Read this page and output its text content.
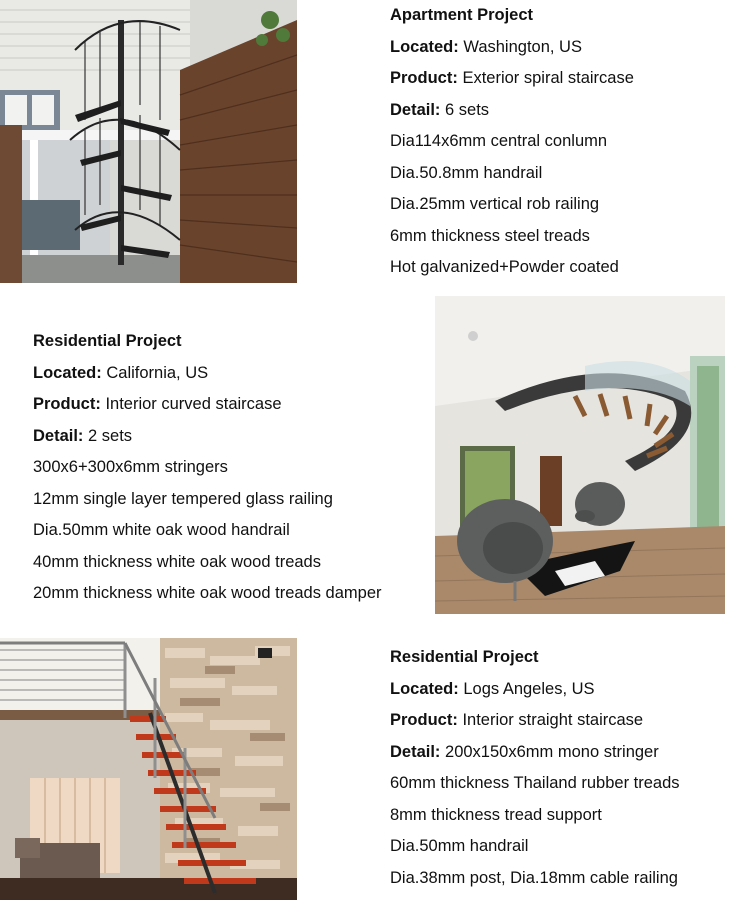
Apartment Project
Located: Washington, US
Product: Exterior spiral staircase
Detail: 6 sets
Dia114x6mm central conlumn
Dia.50.8mm handrail
Dia.25mm vertical rob railing
6mm thickness steel treads
Hot galvanized+Powder coated
Residential Project
Located: California, US
Product: Interior curved staircase
Detail: 2 sets
300x6+300x6mm stringers
12mm single layer tempered glass railing
Dia.50mm white oak wood handrail
40mm thickness white oak wood treads
20mm thickness white oak wood treads damper
Residential Project
Located: Logs Angeles, US
Product: Interior straight staircase
Detail: 200x150x6mm mono stringer
60mm thickness Thailand rubber treads
8mm thickness tread support
Dia.50mm handrail
Dia.38mm post, Dia.18mm cable railing
